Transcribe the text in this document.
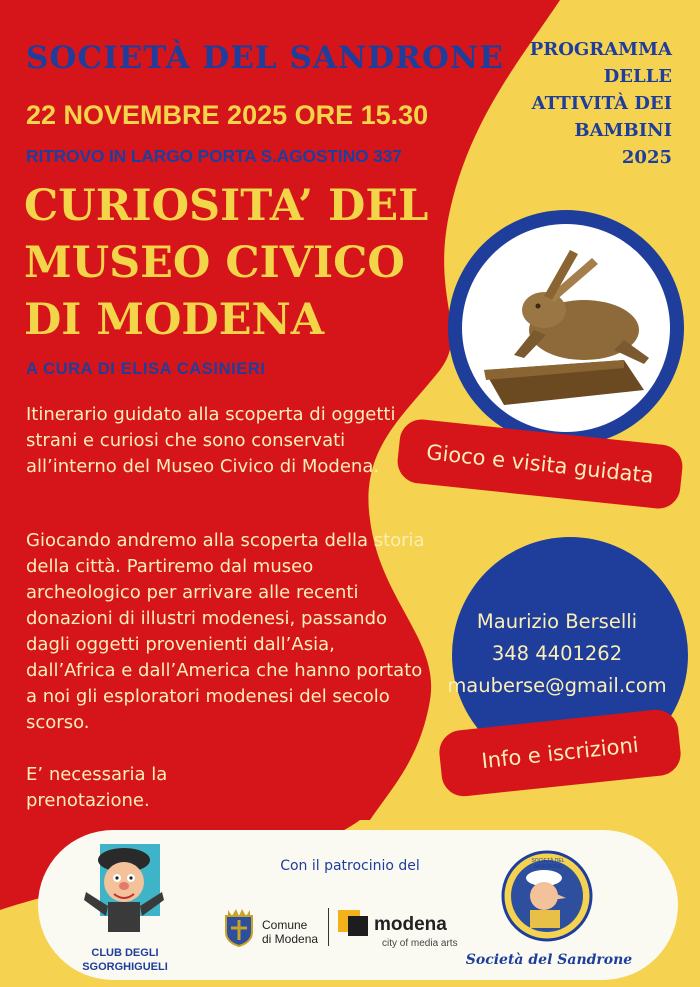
SOCIETÀ DEL SANDRONE
22 NOVEMBRE 2025 ORE 15.30
RITROVO IN LARGO PORTA S.AGOSTINO 337
CURIOSITA’ DEL
MUSEO CIVICO
DI MODENA
A CURA DI ELISA CASINIERI
Itinerario guidato alla scoperta di oggetti strani e curiosi che sono conservati all’interno del Museo Civico di Modena.
Giocando andremo alla scoperta della storia della città. Partiremo dal museo archeologico per arrivare alle recenti donazioni di illustri modenesi, passando dagli oggetti provenienti dall’Asia, dall’Africa e dall’America che hanno portato a noi gli esploratori modenesi del secolo scorso.
E’ necessaria la prenotazione.
PROGRAMMA
DELLE
ATTIVITÀ DEI
BAMBINI
2025
Gioco e visita guidata
Maurizio Berselli
348 4401262
mauberse@gmail.com
Info e iscrizioni
Con il patrocinio del
CLUB DEGLI
SGORGHIGUELI
Comune
di Modena
modena
city of media arts
SOCIETÀ DEL SANDRONE
Società del Sandrone
